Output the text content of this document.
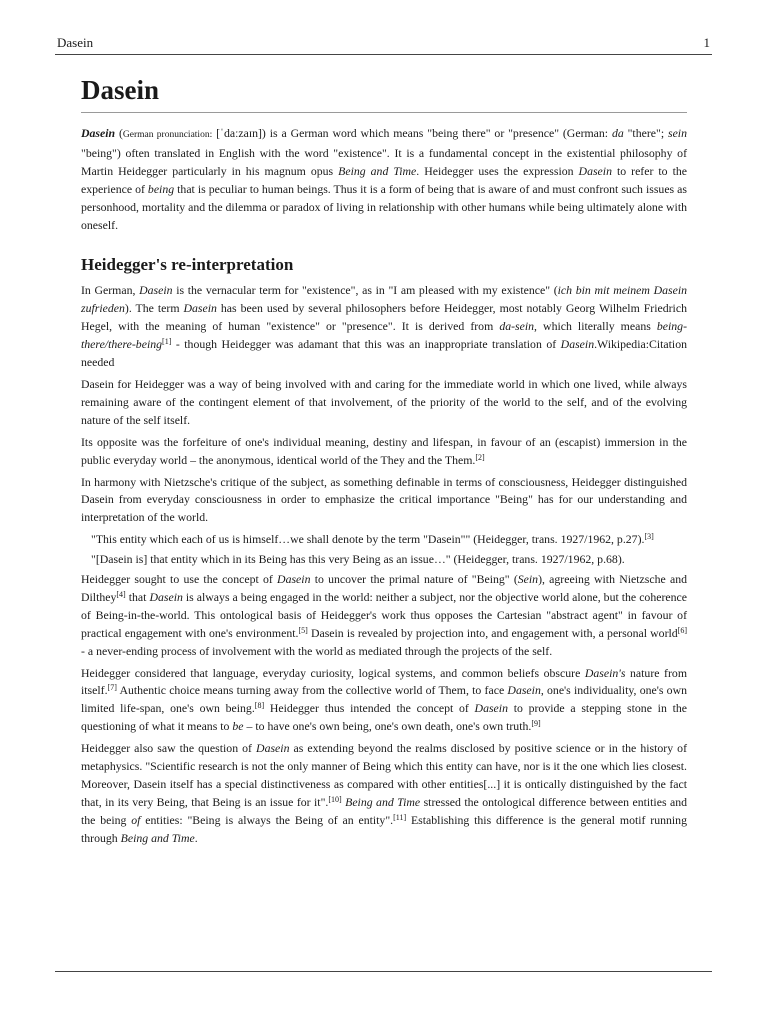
Dasein	1
Dasein

Dasein (German pronunciation: [ˈdaːzaɪn]) is a German word which means "being there" or "presence" (German: da "there"; sein "being") often translated in English with the word "existence". It is a fundamental concept in the existential philosophy of Martin Heidegger particularly in his magnum opus Being and Time. Heidegger uses the expression Dasein to refer to the experience of being that is peculiar to human beings. Thus it is a form of being that is aware of and must confront such issues as personhood, mortality and the dilemma or paradox of living in relationship with other humans while being ultimately alone with oneself.

Heidegger's re-interpretation

In German, Dasein is the vernacular term for "existence", as in "I am pleased with my existence" (ich bin mit meinem Dasein zufrieden). The term Dasein has been used by several philosophers before Heidegger, most notably Georg Wilhelm Friedrich Hegel, with the meaning of human "existence" or "presence". It is derived from da-sein, which literally means being-there/there-being[1] - though Heidegger was adamant that this was an inappropriate translation of Dasein.Wikipedia:Citation needed

Dasein for Heidegger was a way of being involved with and caring for the immediate world in which one lived, while always remaining aware of the contingent element of that involvement, of the priority of the world to the self, and of the evolving nature of the self itself.

Its opposite was the forfeiture of one's individual meaning, destiny and lifespan, in favour of an (escapist) immersion in the public everyday world – the anonymous, identical world of the They and the Them.[2]

In harmony with Nietzsche's critique of the subject, as something definable in terms of consciousness, Heidegger distinguished Dasein from everyday consciousness in order to emphasize the critical importance "Being" has for our understanding and interpretation of the world.

"This entity which each of us is himself…we shall denote by the term "Dasein"" (Heidegger, trans. 1927/1962, p.27).[3]

"[Dasein is] that entity which in its Being has this very Being as an issue…" (Heidegger, trans. 1927/1962, p.68).

Heidegger sought to use the concept of Dasein to uncover the primal nature of "Being" (Sein), agreeing with Nietzsche and Dilthey[4] that Dasein is always a being engaged in the world: neither a subject, nor the objective world alone, but the coherence of Being-in-the-world. This ontological basis of Heidegger's work thus opposes the Cartesian "abstract agent" in favour of practical engagement with one's environment.[5] Dasein is revealed by projection into, and engagement with, a personal world[6] - a never-ending process of involvement with the world as mediated through the projects of the self.

Heidegger considered that language, everyday curiosity, logical systems, and common beliefs obscure Dasein's nature from itself.[7] Authentic choice means turning away from the collective world of Them, to face Dasein, one's individuality, one's own limited life-span, one's own being.[8] Heidegger thus intended the concept of Dasein to provide a stepping stone in the questioning of what it means to be – to have one's own being, one's own death, one's own truth.[9]

Heidegger also saw the question of Dasein as extending beyond the realms disclosed by positive science or in the history of metaphysics. "Scientific research is not the only manner of Being which this entity can have, nor is it the one which lies closest. Moreover, Dasein itself has a special distinctiveness as compared with other entities[...] it is ontically distinguished by the fact that, in its very Being, that Being is an issue for it".[10] Being and Time stressed the ontological difference between entities and the being of entities: "Being is always the Being of an entity".[11] Establishing this difference is the general motif running through Being and Time.
